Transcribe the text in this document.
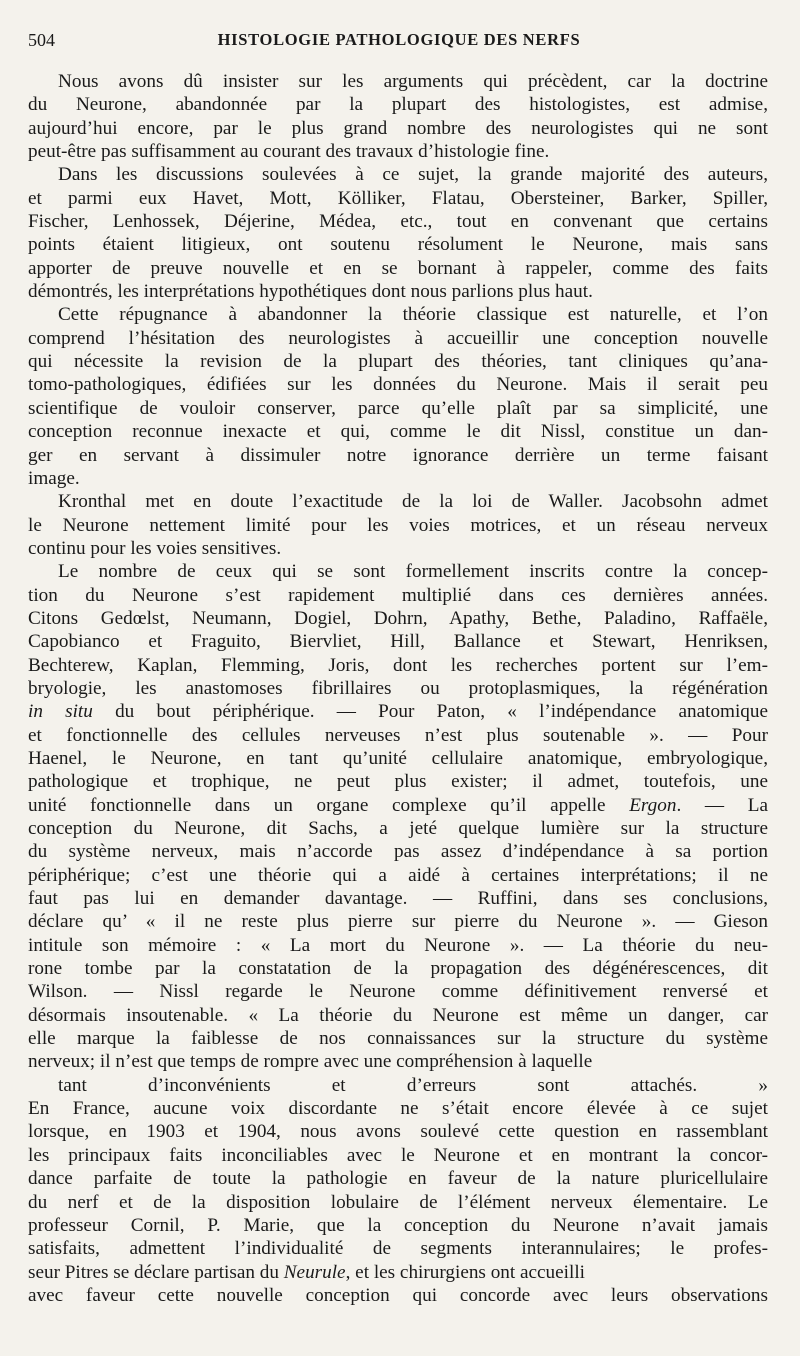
504	HISTOLOGIE PATHOLOGIQUE DES NERFS
Nous avons dû insister sur les arguments qui précèdent, car la doctrine
du Neurone, abandonnée par la plupart des histologistes, est admise,
aujourd’hui encore, par le plus grand nombre des neurologistes qui ne sont
peut-être pas suffisamment au courant des travaux d’histologie fine.
Dans les discussions soulevées à ce sujet, la grande majorité des auteurs,
et parmi eux Havet, Mott, Kölliker, Flatau, Obersteiner, Barker, Spiller,
Fischer, Lenhossek, Déjerine, Médea, etc., tout en convenant que certains
points étaient litigieux, ont soutenu résolument le Neurone, mais sans
apporter de preuve nouvelle et en se bornant à rappeler, comme des faits
démontrés, les interprétations hypothétiques dont nous parlions plus haut.
Cette répugnance à abandonner la théorie classique est naturelle, et l’on
comprend l’hésitation des neurologistes à accueillir une conception nouvelle
qui nécessite la revision de la plupart des théories, tant cliniques qu’ana-
tomo-pathologiques, édifiées sur les données du Neurone. Mais il serait peu
scientifique de vouloir conserver, parce qu’elle plaît par sa simplicité, une
conception reconnue inexacte et qui, comme le dit Nissl, constitue un dan-
ger en servant à dissimuler notre ignorance derrière un terme faisant
image.
Kronthal met en doute l’exactitude de la loi de Waller. Jacobsohn admet
le Neurone nettement limité pour les voies motrices, et un réseau nerveux
continu pour les voies sensitives.
Le nombre de ceux qui se sont formellement inscrits contre la concep-
tion du Neurone s’est rapidement multiplié dans ces dernières années.
Citons Gedœlst, Neumann, Dogiel, Dohrn, Apathy, Bethe, Paladino, Raffaële,
Capobianco et Fraguito, Biervliet, Hill, Ballance et Stewart, Henriksen,
Bechterew, Kaplan, Flemming, Joris, dont les recherches portent sur l’em-
bryologie, les anastomoses fibrillaires ou protoplasmiques, la régénération
in situ du bout périphérique. — Pour Paton, « l’indépendance anatomique
et fonctionnelle des cellules nerveuses n’est plus soutenable ». — Pour
Haenel, le Neurone, en tant qu’unité cellulaire anatomique, embryologique,
pathologique et trophique, ne peut plus exister; il admet, toutefois, une
unité fonctionnelle dans un organe complexe qu’il appelle Ergon. — La
conception du Neurone, dit Sachs, a jeté quelque lumière sur la structure
du système nerveux, mais n’accorde pas assez d’indépendance à sa portion
périphérique; c’est une théorie qui a aidé à certaines interprétations; il ne
faut pas lui en demander davantage. — Ruffini, dans ses conclusions,
déclare qu’ « il ne reste plus pierre sur pierre du Neurone ». — Gieson
intitule son mémoire : « La mort du Neurone ». — La théorie du neu-
rone tombe par la constatation de la propagation des dégénérescences, dit
Wilson. — Nissl regarde le Neurone comme définitivement renversé et
désormais insoutenable. « La théorie du Neurone est même un danger, car
elle marque la faiblesse de nos connaissances sur la structure du système
nerveux; il n’est que temps de rompre avec une compréhension à laquelle
tant d’inconvénients et d’erreurs sont attachés. »
En France, aucune voix discordante ne s’était encore élevée à ce sujet
lorsque, en 1903 et 1904, nous avons soulevé cette question en rassemblant
les principaux faits inconciliables avec le Neurone et en montrant la concor-
dance parfaite de toute la pathologie en faveur de la nature pluricellulaire
du nerf et de la disposition lobulaire de l’élément nerveux élementaire. Le
professeur Cornil, P. Marie, que la conception du Neurone n’avait jamais
satisfaits, admettent l’individualité de segments interannulaires; le profes-
seur Pitres se déclare partisan du Neurule, et les chirurgiens ont accueilli
avec faveur cette nouvelle conception qui concorde avec leurs observations
